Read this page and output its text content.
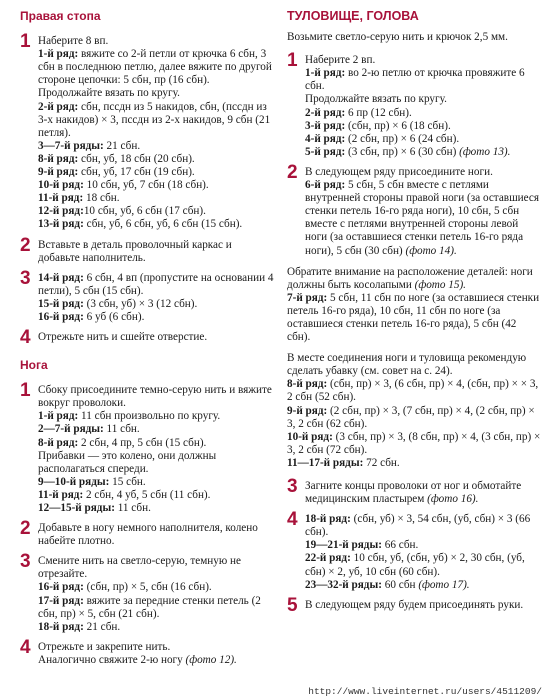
Правая стопа
1 Наберите 8 вп.

1-й ряд: вяжите со 2-й петли от крючка 6 сбн, 3 сбн в последнюю петлю, далее вяжите по другой стороне цепочки: 5 сбн, пр (16 сбн).

Продолжайте вязать по кругу.

2-й ряд: сбн, пссдн из 5 накидов, сбн, (пссдн из 3-х накидов) × 3, пссдн из 2-х накидов, 9 сбн (21 петля).

3—7-й ряды: 21 сбн.

8-й ряд: сбн, уб, 18 сбн (20 сбн).

9-й ряд: сбн, уб, 17 сбн (19 сбн).

10-й ряд: 10 сбн, уб, 7 сбн (18 сбн).

11-й ряд: 18 сбн.

12-й ряд:10 сбн, уб, 6 сбн (17 сбн).

13-й ряд: сбн, уб, 6 сбн, уб, 6 сбн (15 сбн).

2 Вставьте в деталь проволочный каркас и добавьте наполнитель.

3 14-й ряд: 6 сбн, 4 вп (пропустите на основании 4 петли), 5 сбн (15 сбн).

15-й ряд: (3 сбн, уб) × 3 (12 сбн).

16-й ряд: 6 уб (6 сбн).

4 Отрежьте нить и сшейте отверстие.

Нога
1 Сбоку присоедините темно-серую нить и вяжите вокруг проволоки.

1-й ряд: 11 сбн произвольно по кругу.

2—7-й ряды: 11 сбн.

8-й ряд: 2 сбн, 4 пр, 5 сбн (15 сбн).

Прибавки — это колено, они должны располагаться спереди.

9—10-й ряды: 15 сбн.

11-й ряд: 2 сбн, 4 уб, 5 сбн (11 сбн).

12—15-й ряды: 11 сбн.

2 Добавьте в ногу немного наполнителя, колено набейте плотно.

3 Смените нить на светло-серую, темную не отрезайте.

16-й ряд: (сбн, пр) × 5, сбн (16 сбн).

17-й ряд: вяжите за передние стенки петель (2 сбн, пр) × 5, сбн (21 сбн).

18-й ряд: 21 сбн.

4 Отрежьте и закрепите нить.

Аналогично свяжите 2-ю ногу (фото 12).

ТУЛОВИЩЕ, ГОЛОВА

Возьмите светло-серую нить и крючок 2,5 мм.

1 Наберите 2 вп.

1-й ряд: во 2-ю петлю от крючка провяжите 6 сбн.

Продолжайте вязать по кругу.

2-й ряд: 6 пр (12 сбн).

3-й ряд: (сбн, пр) × 6 (18 сбн).

4-й ряд: (2 сбн, пр) × 6 (24 сбн).

5-й ряд: (3 сбн, пр) × 6 (30 сбн) (фото 13).

2 В следующем ряду присоедините ноги.

6-й ряд: 5 сбн, 5 сбн вместе с петлями внутренней стороны правой ноги (за оставшиеся стенки петель 16-го ряда ноги), 10 сбн, 5 сбн вместе с петлями внутренней стороны левой ноги (за оставшиеся стенки петель 16-го ряда ноги), 5 сбн (30 сбн) (фото 14).

Обратите внимание на расположение деталей: ноги должны быть косолапыми (фото 15).

7-й ряд: 5 сбн, 11 сбн по ноге (за оставшиеся стенки петель 16-го ряда), 10 сбн, 11 сбн по ноге (за оставшиеся стенки петель 16-го ряда), 5 сбн (42 сбн).

В месте соединения ноги и туловища рекомендую сделать убавку (см. совет на с. 24).

8-й ряд: (сбн, пр) × 3, (6 сбн, пр) × 4, (сбн, пр) × × 3, 2 сбн (52 сбн).

9-й ряд: (2 сбн, пр) × 3, (7 сбн, пр) × 4, (2 сбн, пр) × 3, 2 сбн (62 сбн).

10-й ряд: (3 сбн, пр) × 3, (8 сбн, пр) × 4, (3 сбн, пр) × 3, 2 сбн (72 сбн).

11—17-й ряды: 72 сбн.

3 Загните концы проволоки от ног и обмотайте медицинским пластырем (фото 16).

4 18-й ряд: (сбн, уб) × 3, 54 сбн, (уб, сбн) × 3 (66 сбн).

19—21-й ряды: 66 сбн.

22-й ряд: 10 сбн, уб, (сбн, уб) × 2, 30 сбн, (уб, сбн) × 2, уб, 10 сбн (60 сбн).

23—32-й ряды: 60 сбн (фото 17).

5 В следующем ряду будем присоединять руки.

http://www.liveinternet.ru/users/4511209/
